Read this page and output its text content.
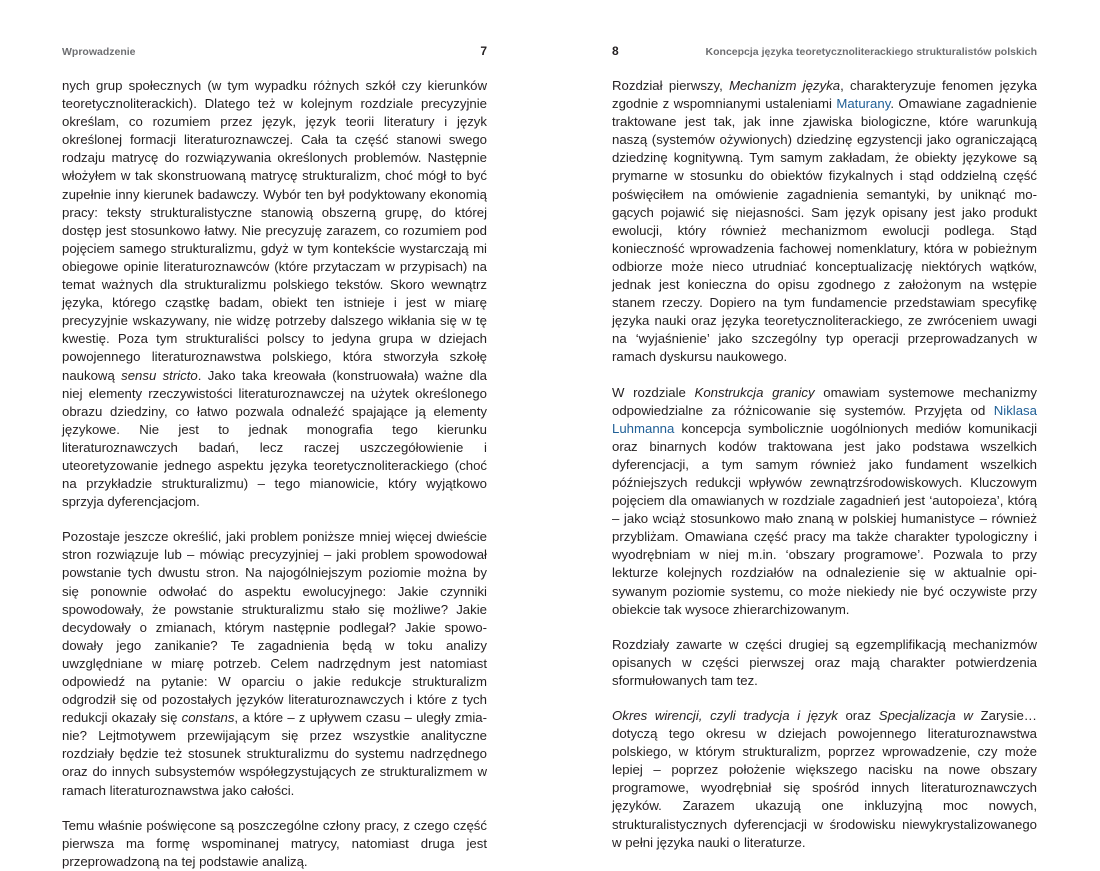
Wprowadzenie	7

nych grup społecznych (w tym wypadku różnych szkół czy kierunków teoretycznoliterackich). Dlatego też w kolejnym rozdziale precyzyjnie określam, co rozumiem przez język, język teorii literatury i język określonej formacji literaturoznawczej. Cała ta część stanowi swego rodzaju matrycę do rozwiązywania określonych problemów. Następnie włożyłem w tak skonstruowaną matrycę strukturalizm, choć mógł to być zupełnie inny kierunek badawczy. Wybór ten był podyktowany ekonomią pracy: teksty strukturalistyczne stanowią obszerną grupę, do której dostęp jest stosunkowo łatwy. Nie precyzuję zarazem, co rozumiem pod pojęciem samego strukturalizmu, gdyż w tym kontekście wystarczają mi obiegowe opinie literaturoznawców (które przytaczam w przypisach) na temat ważnych dla strukturalizmu polskiego tekstów. Skoro wewnątrz języka, którego cząstkę badam, obiekt ten istnieje i jest w miarę precyzyjnie wskazywany, nie widzę potrzeby dalszego wikłania się w tę kwestię. Poza tym strukturaliści polscy to jedyna grupa w dziejach powojennego literaturoznawstwa polskiego, która stworzyła szkołę naukową sensu stricto. Jako taka kreowała (konstruowała) ważne dla niej elementy rzeczywistości literaturoznawczej na użytek określonego obrazu dziedziny, co łatwo pozwala odnaleźć spajające ją elementy językowe. Nie jest to jednak monografia tego kierunku literaturoznawczych badań, lecz raczej uszczegółowienie i uteoretyzowanie jednego aspektu języka teoretycznoliterackiego (choć na przykładzie strukturalizmu) – tego mianowicie, który wyjątkowo sprzyja dyferencjacjom.

Pozostaje jeszcze określić, jaki problem poniższe mniej więcej dwieście stron rozwiązuje lub – mówiąc precyzyjniej – jaki problem spowodował powstanie tych dwustu stron. Na najogólniejszym poziomie można by się ponownie odwołać do aspektu ewolucyjnego: Jakie czynniki spowodowały, że powstanie strukturalizmu stało się możliwe? Jakie decydowały o zmianach, którym następnie podlegał? Jakie spowodowały jego zanikanie? Te zagadnienia będą w toku analizy uwzględniane w miarę potrzeb. Celem nadrzędnym jest natomiast odpowiedź na pytanie: W oparciu o jakie redukcje strukturalizm odgrodził się od pozostałych języków literaturoznawczych i które z tych redukcji okazały się constans, a które – z upływem czasu – uległy zmianie? Lejtmotywem przewijającym się przez wszystkie analityczne rozdziały będzie też stosunek strukturalizmu do systemu nadrzędnego oraz do innych subsystemów współegzystujących ze strukturalizmem w ramach literaturoznawstwa jako całości.

Temu właśnie poświęcone są poszczególne człony pracy, z czego część pierwsza ma formę wspominanej matrycy, natomiast druga jest przeprowadzoną na tej podstawie analizą.

8	Koncepcja języka teoretycznoliterackiego strukturalistów polskich

Rozdział pierwszy, Mechanizm języka, charakteryzuje fenomen języka zgodnie z wspomnianymi ustaleniami Maturany. Omawiane zagadnienie traktowane jest tak, jak inne zjawiska biologiczne, które warunkują naszą (systemów ożywionych) dziedzinę egzystencji jako ograniczającą dziedzinę kognitywną. Tym samym zakładam, że obiekty językowe są prymarne w stosunku do obiektów fizykalnych i stąd oddzielną część poświęciłem na omówienie zagadnienia semantyki, by uniknąć mogących pojawić się niejasności. Sam język opisany jest jako produkt ewolucji, który również mechanizmom ewolucji podlega. Stąd konieczność wprowadzenia fachowej nomenklatury, która w pobieżnym odbiorze może nieco utrudniać konceptualizację niektórych wątków, jednak jest konieczna do opisu zgodnego z założonym na wstępie stanem rzeczy. Dopiero na tym fundamencie przedstawiam specyfikę języka nauki oraz języka teoretycznoliterackiego, ze zwróceniem uwagi na ‘wyjaśnienie’ jako szczególny typ operacji przeprowadzanych w ramach dyskursu naukowego.

W rozdziale Konstrukcja granicy omawiam systemowe mechanizmy odpowiedzialne za różnicowanie się systemów. Przyjęta od Niklasa Luhmanna koncepcja symbolicznie uogólnionych mediów komunikacji oraz binarnych kodów traktowana jest jako podstawa wszelkich dyferencjacji, a tym samym również jako fundament wszelkich późniejszych redukcji wpływów zewnątrzśrodowiskowych. Kluczowym pojęciem dla omawianych w rozdziale zagadnień jest ‘autopoieza’, którą – jako wciąż stosunkowo mało znaną w polskiej humanistyce – również przybliżam. Omawiana część pracy ma także charakter typologiczny i wyodrębniam w niej m.in. ‘obszary programowe’. Pozwala to przy lekturze kolejnych rozdziałów na odnalezienie się w aktualnie opisywanym poziomie systemu, co może niekiedy nie być oczywiste przy obiekcie tak wysoce zhierarchizowanym.

Rozdziały zawarte w części drugiej są egzemplifikacją mechanizmów opisanych w części pierwszej oraz mają charakter potwierdzenia sformułowanych tam tez.

Okres wirencji, czyli tradycja i język oraz Specjalizacja w Zarysie… dotyczą tego okresu w dziejach powojennego literaturoznawstwa polskiego, w którym strukturalizm, poprzez wprowadzenie, czy może lepiej – poprzez położenie większego nacisku na nowe obszary programowe, wyodrębniał się spośród innych literaturoznawczych języków. Zarazem ukazują one inkluzyjną moc nowych, strukturalistycznych dyferencjacji w środowisku niewykrystalizowanego w pełni języka nauki o literaturze.
